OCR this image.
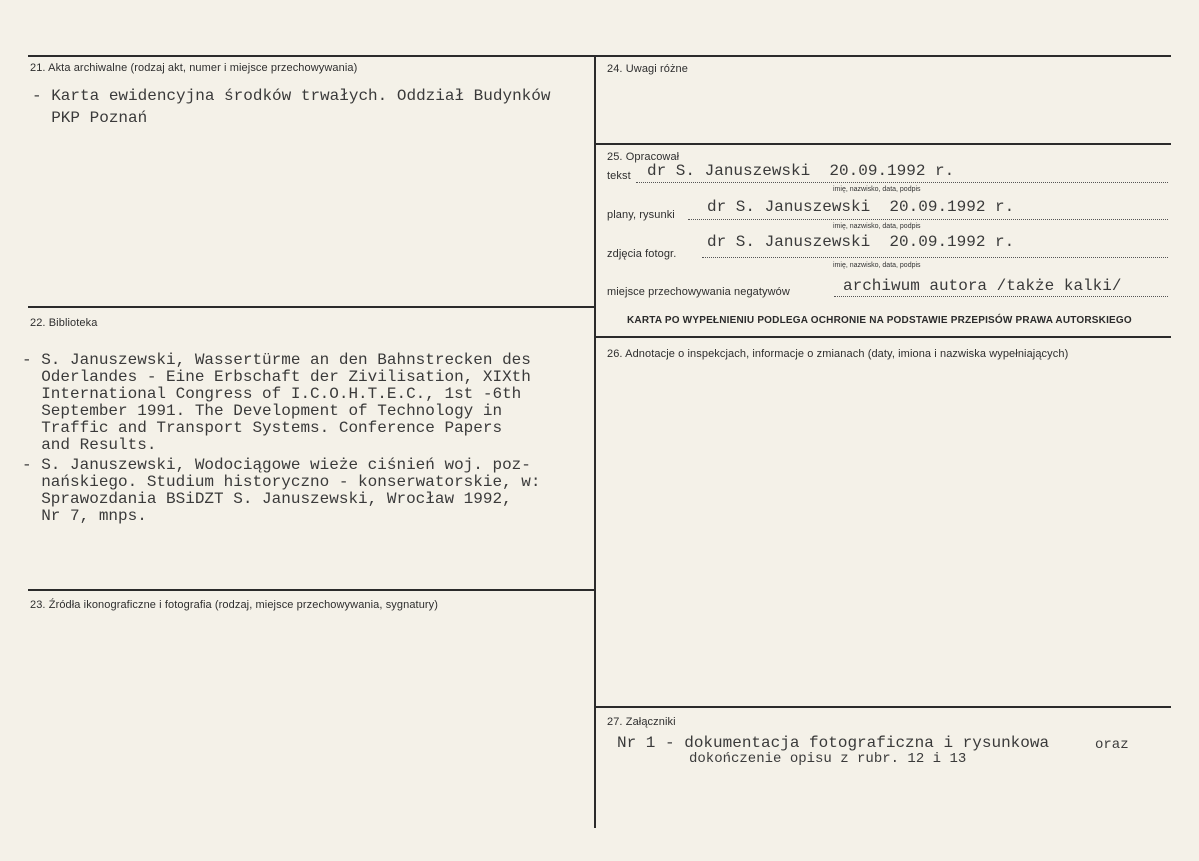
21. Akta archiwalne (rodzaj akt, numer i miejsce przechowywania)
- Karta ewidencyjna środków trwałych. Oddział Budynków
PKP Poznań
22. Biblioteka
- S. Januszewski, Wassertürme an den Bahnstrecken des
Oderlandes - Eine Erbschaft der Zivilisation, XIXth
International Congress of I.C.O.H.T.E.C., 1st -6th
September 1991. The Development of Technology in
Traffic and Transport Systems. Conference Papers
and Results.
- S. Januszewski, Wodociągowe wieże ciśnień woj. poz-
nańskiego. Studium historyczno - konserwatorskie, w:
Sprawozdania BSiDZT S. Januszewski, Wrocław 1992,
Nr 7, mnps.
23. Źródła ikonograficzne i fotografia (rodzaj, miejsce przechowywania, sygnatury)
24. Uwagi różne
25. Opracował
tekst dr S. Januszewski  20.09.1992 r.
imię, nazwisko, data, podpis
plany, rysunki dr S. Januszewski  20.09.1992 r.
imię, nazwisko, data, podpis
zdjęcia fotogr.
dr S. Januszewski  20.09.1992 r.
imię, nazwisko, data, podpis
miejsce przechowywania negatywów	archiwum autora /także kalki/
KARTA PO WYPEŁNIENIU PODLEGA OCHRONIE NA PODSTAWIE PRZEPISÓW PRAWA AUTORSKIEGO
26. Adnotacje o inspekcjach, informacje o zmianach (daty, imiona i nazwiska wypełniających)
27. Załączniki
Nr 1 - dokumentacja fotograficzna i rysunkowa	oraz
dokończenie opisu z rubr. 12 i 13
